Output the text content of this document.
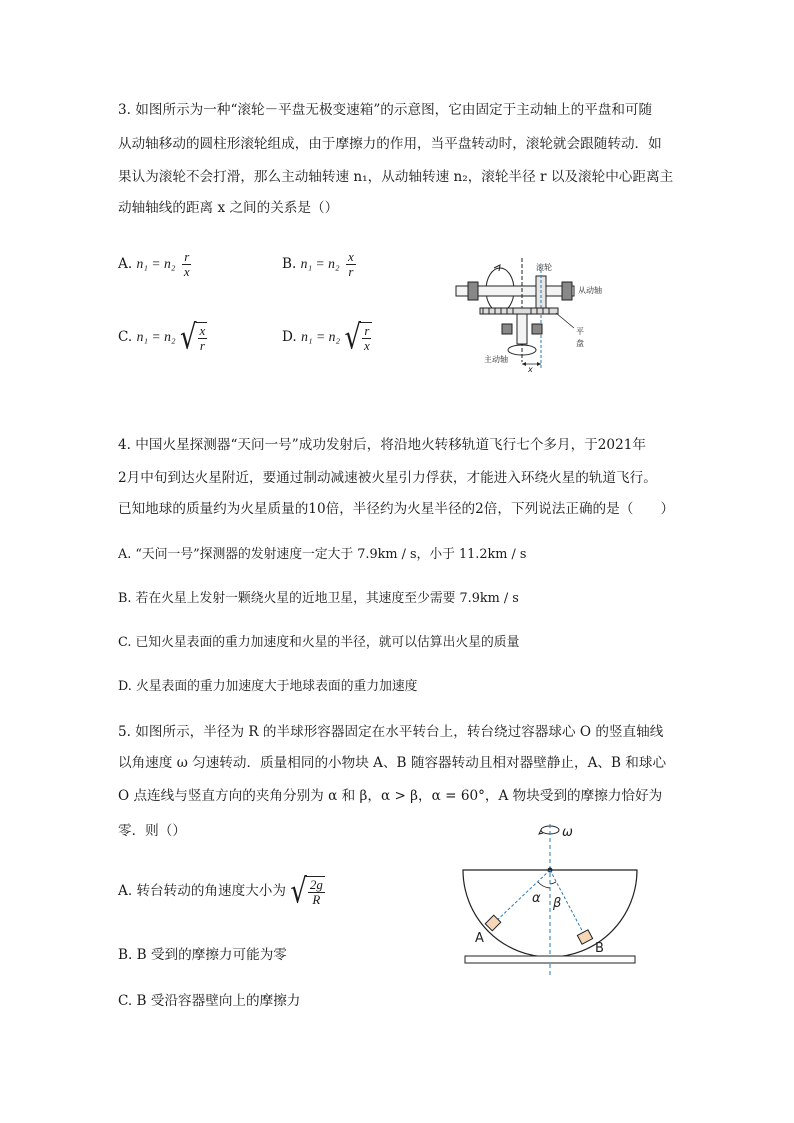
3. 如图所示为一种“滚轮－平盘无极变速箱”的示意图，它由固定于主动轴上的平盘和可随
从动轴移动的圆柱形滚轮组成，由于摩擦力的作用，当平盘转动时，滚轮就会跟随转动．如
果认为滚轮不会打滑，那么主动轴转速 n₁，从动轴转速 n₂，滚轮半径 r 以及滚轮中心距离主
动轴轴线的距离 x 之间的关系是（）
A. $n_1 = n_2 \frac{r}{x}$	B. $n_1 = n_2 \frac{x}{r}$
C. n₁ = n₂ √ $\frac{x}{r}$	D. n₁ = n₂ √ $\frac{r}{x}$
滚轮
从动轴
平
盘
主动轴
x
4. 中国火星探测器“天问一号”成功发射后，将沿地火转移轨道飞行七个多月，于2021年
2月中旬到达火星附近，要通过制动减速被火星引力俘获，才能进入环绕火星的轨道飞行。
已知地球的质量约为火星质量的10倍，半径约为火星半径的2倍，下列说法正确的是（　　）
A. “天问一号”探测器的发射速度一定大于 7.9km / s，小于 11.2km / s
B. 若在火星上发射一颗绕火星的近地卫星，其速度至少需要 7.9km / s
C. 已知火星表面的重力加速度和火星的半径，就可以估算出火星的质量
D. 火星表面的重力加速度大于地球表面的重力加速度
5. 如图所示，半径为 R 的半球形容器固定在水平转台上，转台绕过容器球心 O 的竖直轴线
以角速度 ω 匀速转动．质量相同的小物块 A、B 随容器转动且相对器壁静止，A、B 和球心
O 点连线与竖直方向的夹角分别为 α 和 β，α > β，α = 60°，A 物块受到的摩擦力恰好为
零．则（）
A. 转台转动的角速度大小为 √ $\frac{2g}{R}$
B. B 受到的摩擦力可能为零
C. B 受沿容器壁向上的摩擦力
ω
α β
A
B
